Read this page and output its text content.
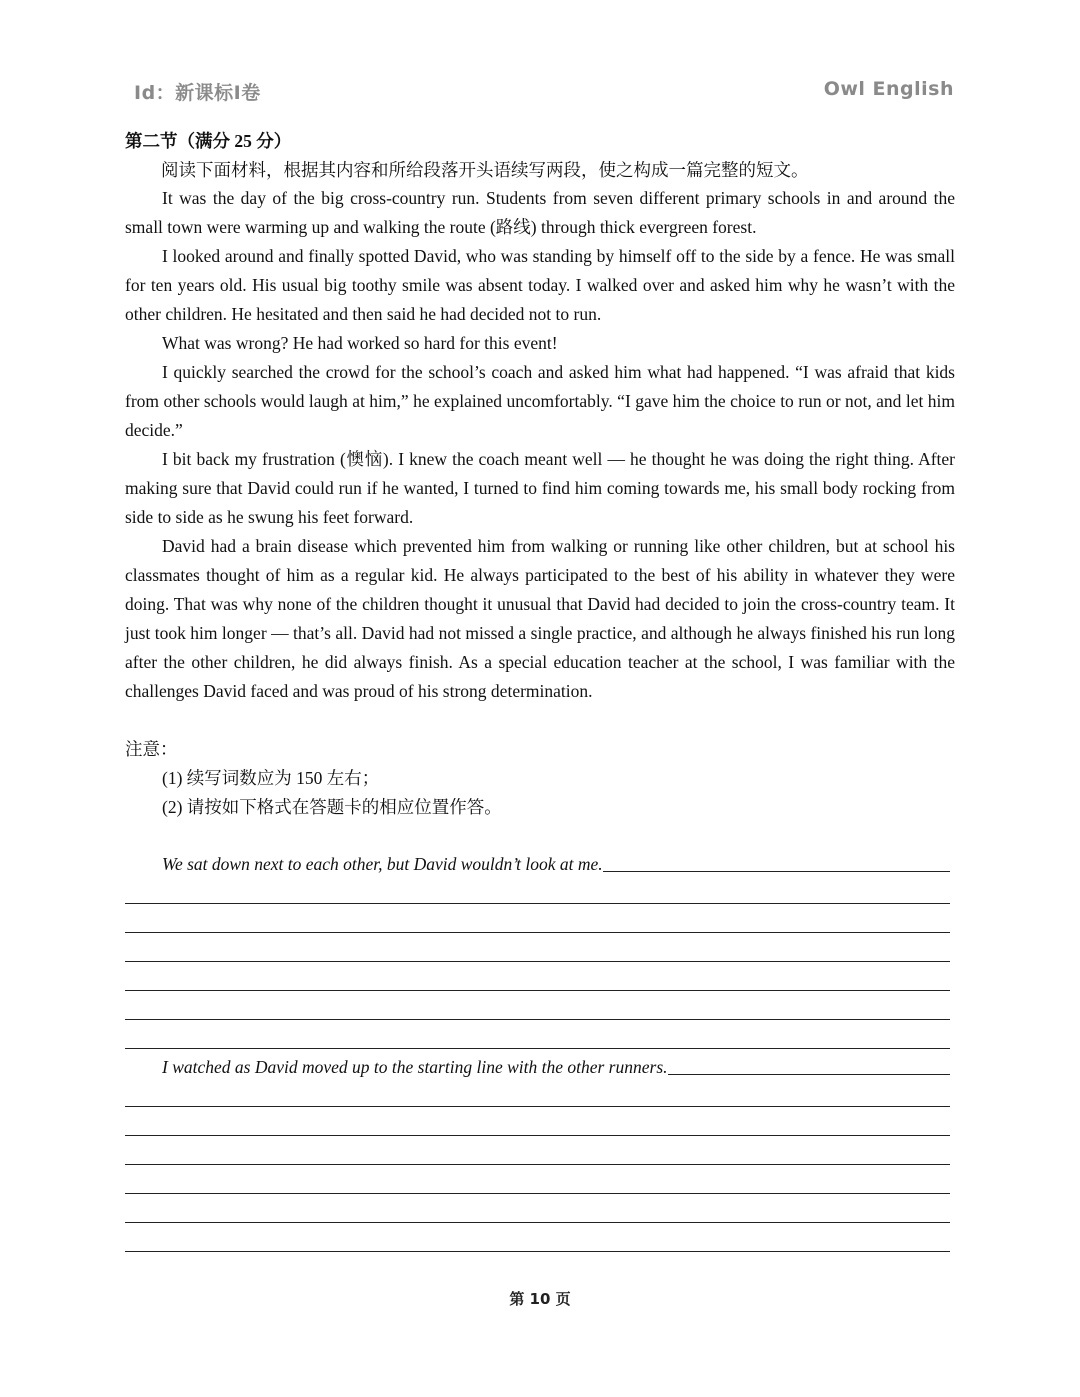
Id：新课标Ⅰ卷	Owl English
第二节（满分 25 分）
阅读下面材料，根据其内容和所给段落开头语续写两段，使之构成一篇完整的短文。

It was the day of the big cross-country run. Students from seven different primary schools in and around the small town were warming up and walking the route (路线) through thick evergreen forest.

I looked around and finally spotted David, who was standing by himself off to the side by a fence. He was small for ten years old. His usual big toothy smile was absent today. I walked over and asked him why he wasn’t with the other children. He hesitated and then said he had decided not to run.

What was wrong? He had worked so hard for this event!

I quickly searched the crowd for the school’s coach and asked him what had happened. “I was afraid that kids from other schools would laugh at him,” he explained uncomfortably. “I gave him the choice to run or not, and let him decide.”

I bit back my frustration (懊恼). I knew the coach meant well — he thought he was doing the right thing. After making sure that David could run if he wanted, I turned to find him coming towards me, his small body rocking from side to side as he swung his feet forward.

David had a brain disease which prevented him from walking or running like other children, but at school his classmates thought of him as a regular kid. He always participated to the best of his ability in whatever they were doing. That was why none of the children thought it unusual that David had decided to join the cross-country team. It just took him longer — that’s all. David had not missed a single practice, and although he always finished his run long after the other children, he did always finish. As a special education teacher at the school, I was familiar with the challenges David faced and was proud of his strong determination.

注意：
(1) 续写词数应为 150 左右；
(2) 请按如下格式在答题卡的相应位置作答。
We sat down next to each other, but David wouldn’t look at me.
I watched as David moved up to the starting line with the other runners.
第 10 页
